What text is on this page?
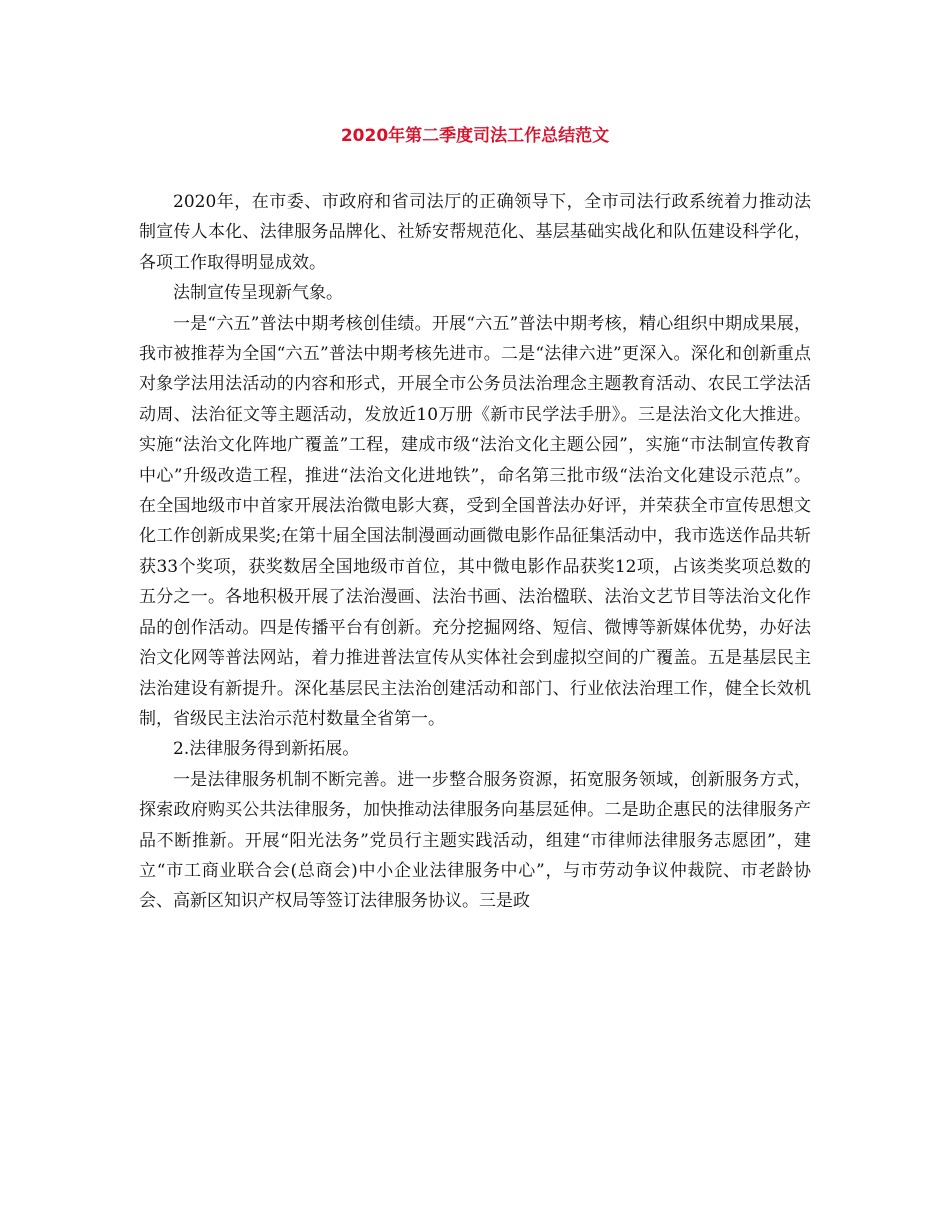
2020年第二季度司法工作总结范文

2020年，在市委、市政府和省司法厅的正确领导下，全市司法行政系统着力推动法制宣传人本化、法律服务品牌化、社矫安帮规范化、基层基础实战化和队伍建设科学化，各项工作取得明显成效。

法制宣传呈现新气象。

一是“六五”普法中期考核创佳绩。开展“六五”普法中期考核，精心组织中期成果展，我市被推荐为全国“六五”普法中期考核先进市。二是“法律六进”更深入。深化和创新重点对象学法用法活动的内容和形式，开展全市公务员法治理念主题教育活动、农民工学法活动周、法治征文等主题活动，发放近10万册《新市民学法手册》。三是法治文化大推进。实施“法治文化阵地广覆盖”工程，建成市级“法治文化主题公园”，实施“市法制宣传教育中心”升级改造工程，推进“法治文化进地铁”，命名第三批市级“法治文化建设示范点”。在全国地级市中首家开展法治微电影大赛，受到全国普法办好评，并荣获全市宣传思想文化工作创新成果奖;在第十届全国法制漫画动画微电影作品征集活动中，我市选送作品共斩获33个奖项，获奖数居全国地级市首位，其中微电影作品获奖12项，占该类奖项总数的五分之一。各地积极开展了法治漫画、法治书画、法治楹联、法治文艺节目等法治文化作品的创作活动。四是传播平台有创新。充分挖掘网络、短信、微博等新媒体优势，办好法治文化网等普法网站，着力推进普法宣传从实体社会到虚拟空间的广覆盖。五是基层民主法治建设有新提升。深化基层民主法治创建活动和部门、行业依法治理工作，健全长效机制，省级民主法治示范村数量全省第一。

2.法律服务得到新拓展。

一是法律服务机制不断完善。进一步整合服务资源，拓宽服务领域，创新服务方式，探索政府购买公共法律服务，加快推动法律服务向基层延伸。二是助企惠民的法律服务产品不断推新。开展“阳光法务”党员行主题实践活动，组建“市律师法律服务志愿团”，建立“市工商业联合会(总商会)中小企业法律服务中心”，与市劳动争议仲裁院、市老龄协会、高新区知识产权局等签订法律服务协议。三是政
